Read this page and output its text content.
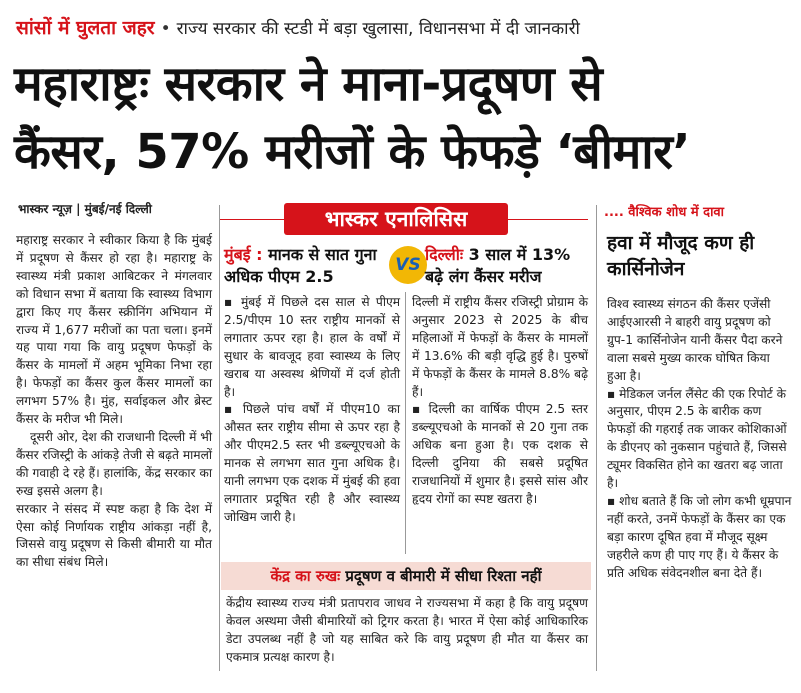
सांसों में घुलता जहर • राज्य सरकार की स्टडी में बड़ा खुलासा, विधानसभा में दी जानकारी
महाराष्ट्रः सरकार ने माना-प्रदूषण से
कैंसर, 57% मरीजों के फेफड़े ‘बीमार’
भास्कर न्यूज़ | मुंबई/नई दिल्ली

महाराष्ट्र सरकार ने स्वीकार किया है कि मुंबई में प्रदूषण से कैंसर हो रहा है। महाराष्ट्र के स्वास्थ्य मंत्री प्रकाश आबिटकर ने मंगलवार को विधान सभा में बताया कि स्वास्थ्य विभाग द्वारा किए गए कैंसर स्क्रीनिंग अभियान में राज्य में 1,677 मरीजों का पता चला। इनमें यह पाया गया कि वायु प्रदूषण फेफड़ों के कैंसर के मामलों में अहम भूमिका निभा रहा है। फेफड़ों का कैंसर कुल कैंसर मामलों का लगभग 57% है। मुंह, सर्वाइकल और ब्रेस्ट कैंसर के मरीज भी मिले।

दूसरी ओर, देश की राजधानी दिल्ली में भी कैंसर रजिस्ट्री के आंकड़े तेजी से बढ़ते मामलों की गवाही दे रहे हैं। हालांकि, केंद्र सरकार का रुख इससे अलग है।

सरकार ने संसद में स्पष्ट कहा है कि देश में ऐसा कोई निर्णायक राष्ट्रीय आंकड़ा नहीं है, जिससे वायु प्रदूषण से किसी बीमारी या मौत का सीधा संबंध मिले।

भास्कर एनालिसिस
मुंबई : मानक से सात गुना अधिक पीएम 2.5

▪ मुंबई में पिछले दस साल से पीएम 2.5/पीएम 10 स्तर राष्ट्रीय मानकों से लगातार ऊपर रहा है। हाल के वर्षों में सुधार के बावजूद हवा स्वास्थ्य के लिए खराब या अस्वस्थ श्रेणियों में दर्ज होती है।

▪ पिछले पांच वर्षों में पीएम10 का औसत स्तर राष्ट्रीय सीमा से ऊपर रहा है और पीएम2.5 स्तर भी डब्ल्यूएचओ के मानक से लगभग सात गुना अधिक है। यानी लगभग एक दशक में मुंबई की हवा लगातार प्रदूषित रही है और स्वास्थ्य जोखिम जारी है।

VS
दिल्लीः 3 साल में 13% बढ़े लंग कैंसर मरीज

दिल्ली में राष्ट्रीय कैंसर रजिस्ट्री प्रोग्राम के अनुसार 2023 से 2025 के बीच महिलाओं में फेफड़ों के कैंसर के मामलों में 13.6% की बड़ी वृद्धि हुई है। पुरुषों में फेफड़ों के कैंसर के मामले 8.8% बढ़े हैं।

▪ दिल्ली का वार्षिक पीएम 2.5 स्तर डब्ल्यूएचओ के मानकों से 20 गुना तक अधिक बना हुआ है। एक दशक से दिल्ली दुनिया की सबसे प्रदूषित राजधानियों में शुमार है। इससे सांस और हृदय रोगों का स्पष्ट खतरा है।

केंद्र का रुखः प्रदूषण व बीमारी में सीधा रिश्ता नहीं
केंद्रीय स्वास्थ्य राज्य मंत्री प्रतापराव जाधव ने राज्यसभा में कहा है कि वायु प्रदूषण केवल अस्थमा जैसी बीमारियों को ट्रिगर करता है। भारत में ऐसा कोई आधिकारिक डेटा उपलब्ध नहीं है जो यह साबित करे कि वायु प्रदूषण ही मौत या कैंसर का एकमात्र प्रत्यक्ष कारण है।
.... वैश्विक शोध में दावा
हवा में मौजूद कण ही कार्सिनोजेन

विश्व स्वास्थ्य संगठन की कैंसर एजेंसी आईएआरसी ने बाहरी वायु प्रदूषण को ग्रुप-1 कार्सिनोजेन यानी कैंसर पैदा करने वाला सबसे मुख्य कारक घोषित किया हुआ है।

▪ मेडिकल जर्नल लैंसेट की एक रिपोर्ट के अनुसार, पीएम 2.5 के बारीक कण फेफड़ों की गहराई तक जाकर कोशिकाओं के डीएनए को नुकसान पहुंचाते हैं, जिससे ट्यूमर विकसित होने का खतरा बढ़ जाता है।

▪ शोध बताते हैं कि जो लोग कभी धूम्रपान नहीं करते, उनमें फेफड़ों के कैंसर का एक बड़ा कारण दूषित हवा में मौजूद सूक्ष्म जहरीले कण ही पाए गए हैं। ये कैंसर के प्रति अधिक संवेदनशील बना देते हैं।
